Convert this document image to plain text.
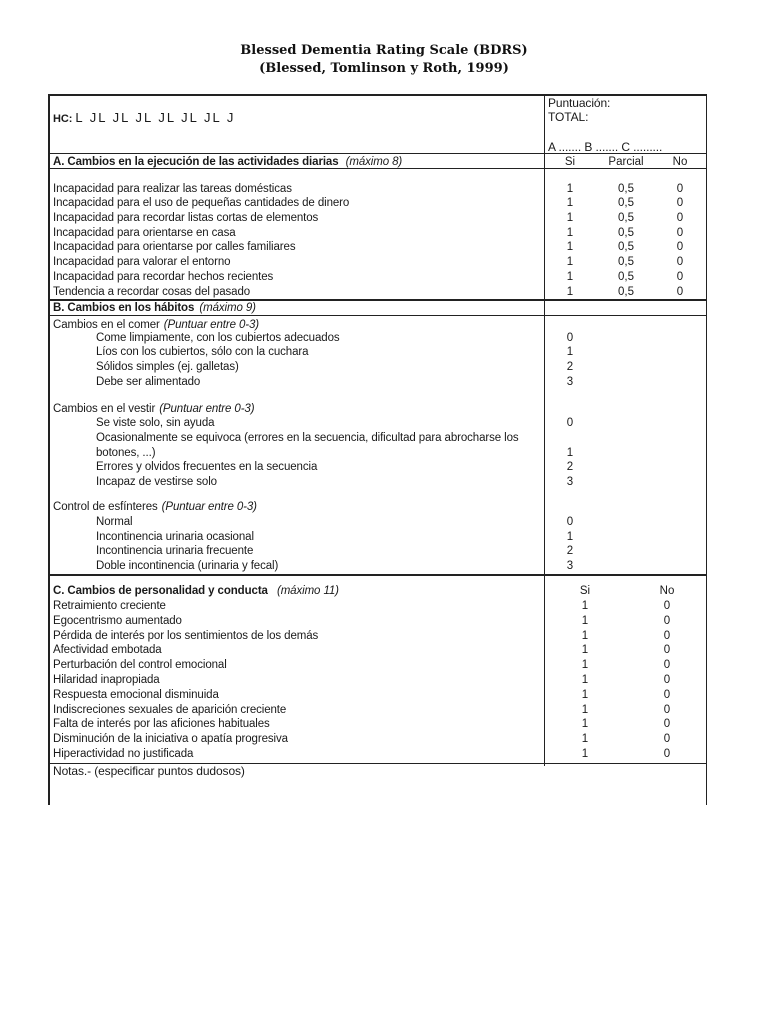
Blessed Dementia Rating Scale (BDRS)
(Blessed, Tomlinson y Roth, 1999)
HC: L JL JL JL JL JL JL J
Puntuación:
TOTAL:
A ....... B ....... C .........
A. Cambios en la ejecución de las actividades diarias (máximo 8)	Si	Parcial	No
Incapacidad para realizar las tareas domésticas	1	0,5	0
Incapacidad para el uso de pequeñas cantidades de dinero	1	0,5	0
Incapacidad para recordar listas cortas de elementos	1	0,5	0
Incapacidad para orientarse en casa	1	0,5	0
Incapacidad para orientarse por calles familiares	1	0,5	0
Incapacidad para valorar el entorno	1	0,5	0
Incapacidad para recordar hechos recientes	1	0,5	0
Tendencia a recordar cosas del pasado	1	0,5	0
B. Cambios en los hábitos (máximo 9)
Cambios en el comer (Puntuar entre 0-3)
Come limpiamente, con los cubiertos adecuados	0
Líos con los cubiertos, sólo con la cuchara	1
Sólidos simples (ej. galletas)	2
Debe ser alimentado	3
Cambios en el vestir (Puntuar entre 0-3)
Se viste solo, sin ayuda	0
Ocasionalmente se equivoca (errores en la secuencia, dificultad para abrocharse los
botones, ...)	1
Errores y olvidos frecuentes en la secuencia	2
Incapaz de vestirse solo	3
Control de esfínteres (Puntuar entre 0-3)
Normal	0
Incontinencia urinaria ocasional	1
Incontinencia urinaria frecuente	2
Doble incontinencia (urinaria y fecal)	3
C. Cambios de personalidad y conducta (máximo 11)	Si	No
Retraimiento creciente	1	0
Egocentrismo aumentado	1	0
Pérdida de interés por los sentimientos de los demás	1	0
Afectividad embotada	1	0
Perturbación del control emocional	1	0
Hilaridad inapropiada	1	0
Respuesta emocional disminuida	1	0
Indiscreciones sexuales de aparición creciente	1	0
Falta de interés por las aficiones habituales	1	0
Disminución de la iniciativa o apatía progresiva	1	0
Hiperactividad no justificada	1	0
Notas.- (especificar puntos dudosos)
